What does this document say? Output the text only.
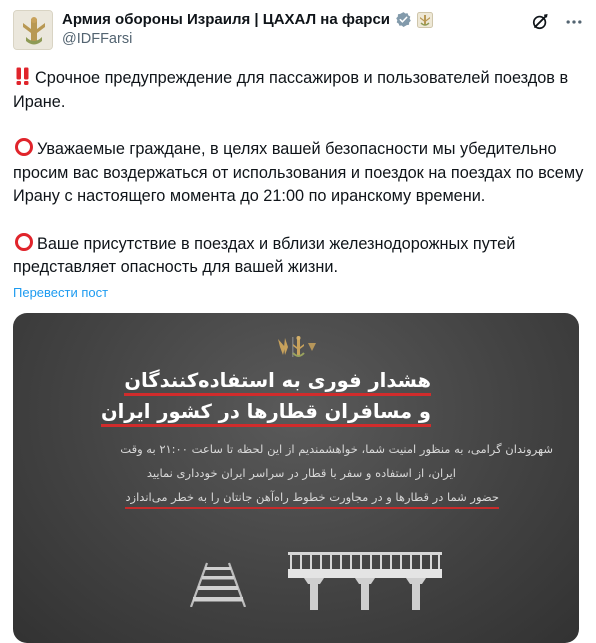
Армия обороны Израиля | ЦАХАЛ на фарси
@IDFFarsi

Срочное предупреждение для пассажиров и пользователей поездов в Иране.

Уважаемые граждане, в целях вашей безопасности мы убедительно просим вас воздержаться от использования и поездок на поездах по всему Ирану с настоящего момента до 21:00 по иранскому времени.

Ваше присутствие в поездах и вблизи железнодорожных путей представляет опасность для вашей жизни.

Перевести пост
هشدار فوری به استفاده‌کنندگان
و مسافران قطارها در کشور ایران
شهروندان گرامی، به منظور امنیت شما، خواهشمندیم از این لحظه تا ساعت ۲۱:۰۰ به وقت
ایران، از استفاده و سفر با قطار در سراسر ایران خودداری نمایید
حضور شما در قطارها و در مجاورت خطوط راه‌آهن جانتان را به خطر می‌اندازد
